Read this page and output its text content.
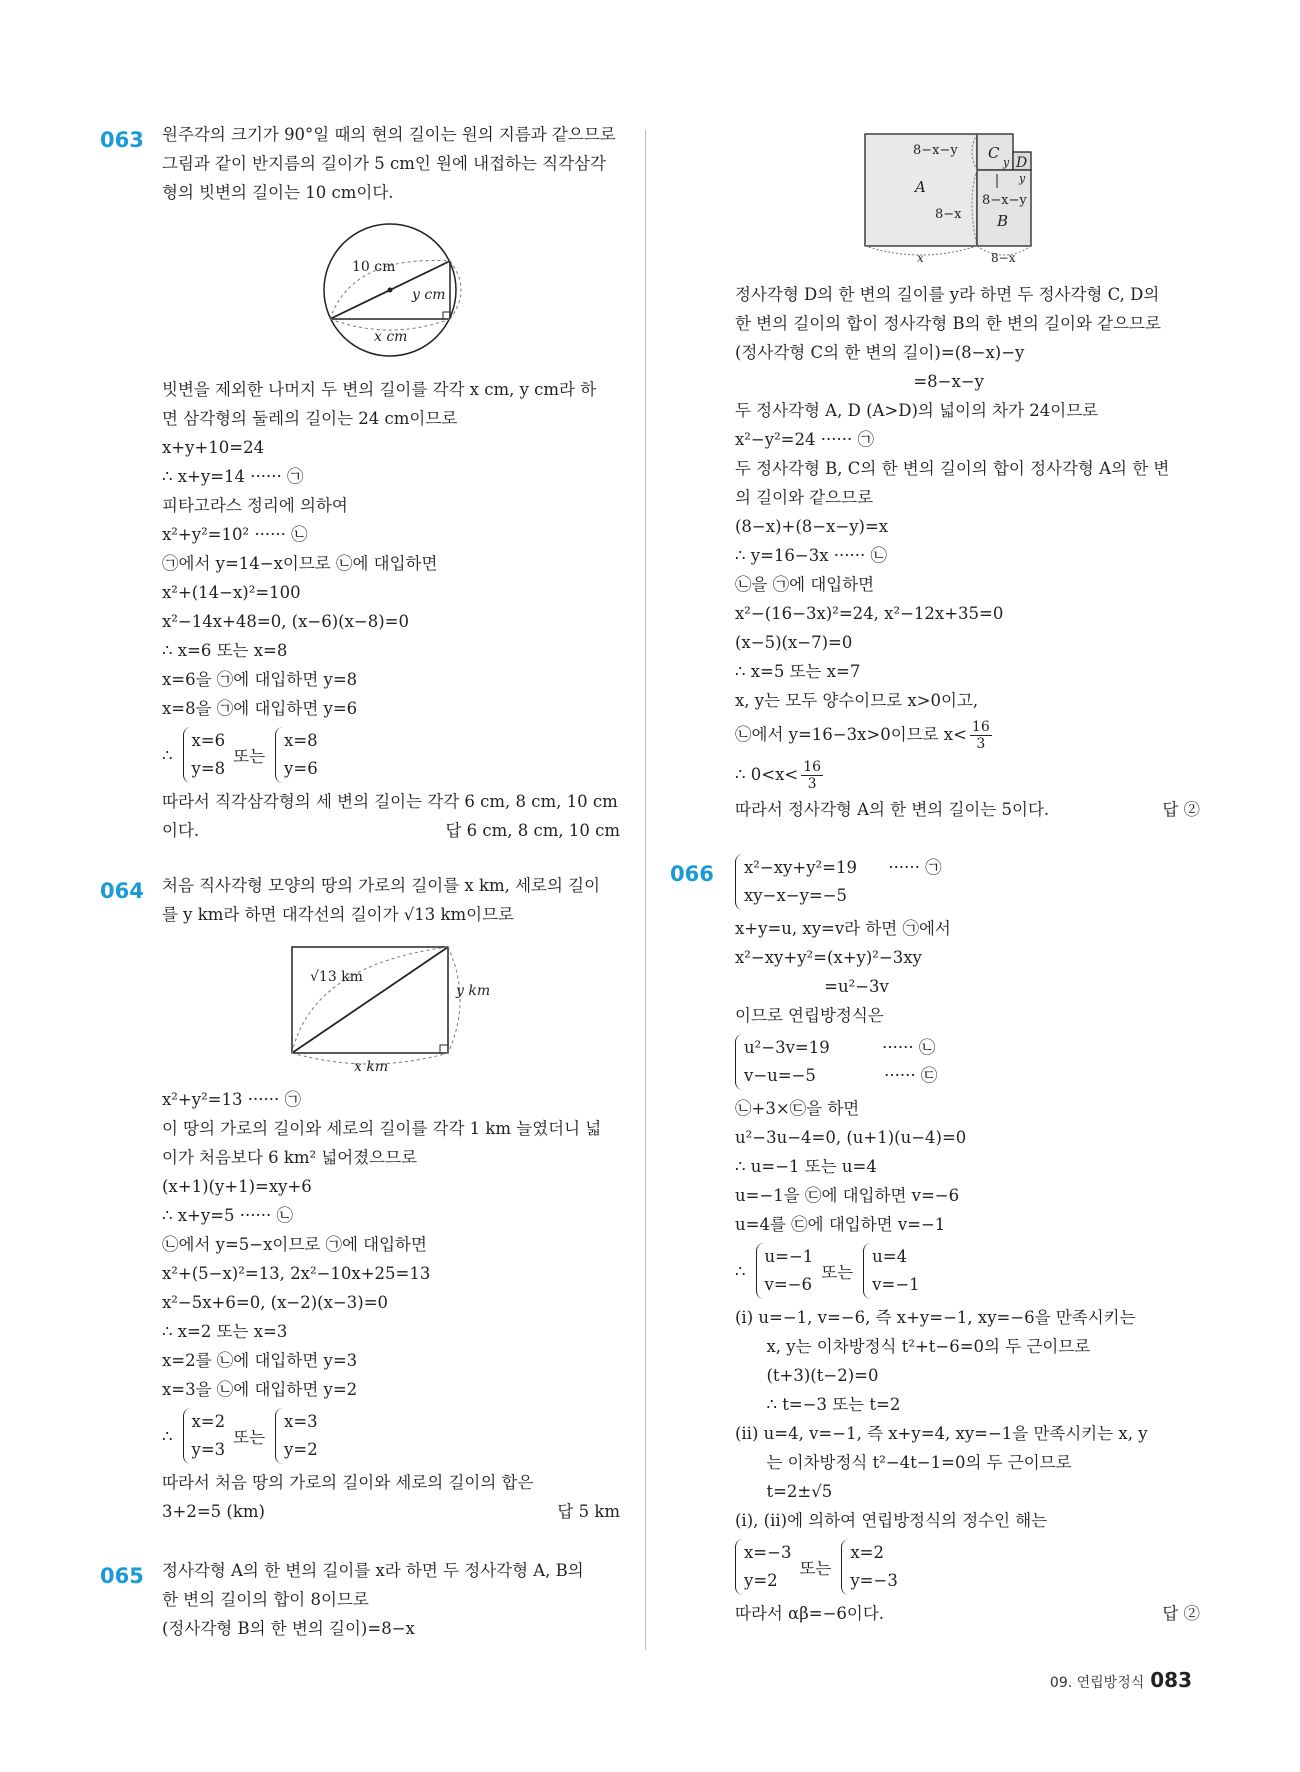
063 원주각의 크기가 90°일 때의 현의 길이는 원의 지름과 같으므로
그림과 같이 반지름의 길이가 5 cm인 원에 내접하는 직각삼각
형의 빗변의 길이는 10 cm이다.
10 cm
y cm
x cm
빗변을 제외한 나머지 두 변의 길이를 각각 x cm, y cm라 하
면 삼각형의 둘레의 길이는 24 cm이므로
x+y+10=24
∴ x+y=14 ······ ㉠
피타고라스 정리에 의하여
x²+y²=10² ······ ㉡
㉠에서 y=14−x이므로 ㉡에 대입하면
x²+(14−x)²=100
x²−14x+48=0, (x−6)(x−8)=0
∴ x=6 또는 x=8
x=6을 ㉠에 대입하면 y=8
x=8을 ㉠에 대입하면 y=6
∴
x=6
y=8
또는
x=8
y=6
따라서 직각삼각형의 세 변의 길이는 각각 6 cm, 8 cm, 10 cm
이다.	답 6 cm, 8 cm, 10 cm
064 처음 직사각형 모양의 땅의 가로의 길이를 x km, 세로의 길이
를 y km라 하면 대각선의 길이가 √13 km이므로
√13 km
y km
x km
x²+y²=13 ······ ㉠
이 땅의 가로의 길이와 세로의 길이를 각각 1 km 늘였더니 넓
이가 처음보다 6 km² 넓어졌으므로
(x+1)(y+1)=xy+6
∴ x+y=5 ······ ㉡
㉡에서 y=5−x이므로 ㉠에 대입하면
x²+(5−x)²=13, 2x²−10x+25=13
x²−5x+6=0, (x−2)(x−3)=0
∴ x=2 또는 x=3
x=2를 ㉡에 대입하면 y=3
x=3을 ㉡에 대입하면 y=2
∴
x=2
y=3
또는
x=3
y=2
따라서 처음 땅의 가로의 길이와 세로의 길이의 합은
3+2=5 (km)	답 5 km
065 정사각형 A의 한 변의 길이를 x라 하면 두 정사각형 A, B의
한 변의 길이의 합이 8이므로
(정사각형 B의 한 변의 길이)=8−x
8−x−y
A
8−x
C
D
y
y
8−x−y
B
x	8−x
정사각형 D의 한 변의 길이를 y라 하면 두 정사각형 C, D의
한 변의 길이의 합이 정사각형 B의 한 변의 길이와 같으므로
(정사각형 C의 한 변의 길이)=(8−x)−y
=8−x−y
두 정사각형 A, D (A>D)의 넓이의 차가 24이므로
x²−y²=24 ······ ㉠
두 정사각형 B, C의 한 변의 길이의 합이 정사각형 A의 한 변
의 길이와 같으므로
(8−x)+(8−x−y)=x
∴ y=16−3x ······ ㉡
㉡을 ㉠에 대입하면
x²−(16−3x)²=24, x²−12x+35=0
(x−5)(x−7)=0
∴ x=5 또는 x=7
x, y는 모두 양수이므로 x>0이고,
㉡에서 y=16−3x>0이므로 $x< \frac{16}{3}$
∴ $0<x< \frac{16}{3}$
따라서 정사각형 A의 한 변의 길이는 5이다.	답 ②
066 x²−xy+y²=19      ······ ㉠
xy−x−y=−5
x+y=u, xy=v라 하면 ㉠에서
x²−xy+y²=(x+y)²−3xy
=u²−3v
이므로 연립방정식은
u²−3v=19          ······ ㉡
v−u=−5             ······ ㉢
㉡+3×㉢을 하면
u²−3u−4=0, (u+1)(u−4)=0
∴ u=−1 또는 u=4
u=−1을 ㉢에 대입하면 v=−6
u=4를 ㉢에 대입하면 v=−1
∴
u=−1
v=−6
또는
u=4
v=−1
(ⅰ) u=−1, v=−6, 즉 x+y=−1, xy=−6을 만족시키는
x, y는 이차방정식 t²+t−6=0의 두 근이므로
(t+3)(t−2)=0
∴ t=−3 또는 t=2
(ⅱ) u=4, v=−1, 즉 x+y=4, xy=−1을 만족시키는 x, y
는 이차방정식 t²−4t−1=0의 두 근이므로
t=2±√5
(ⅰ), (ⅱ)에 의하여 연립방정식의 정수인 해는
x=−3
y=2
또는
x=2
y=−3
따라서 αβ=−6이다.	답 ②
09. 연립방정식 083
